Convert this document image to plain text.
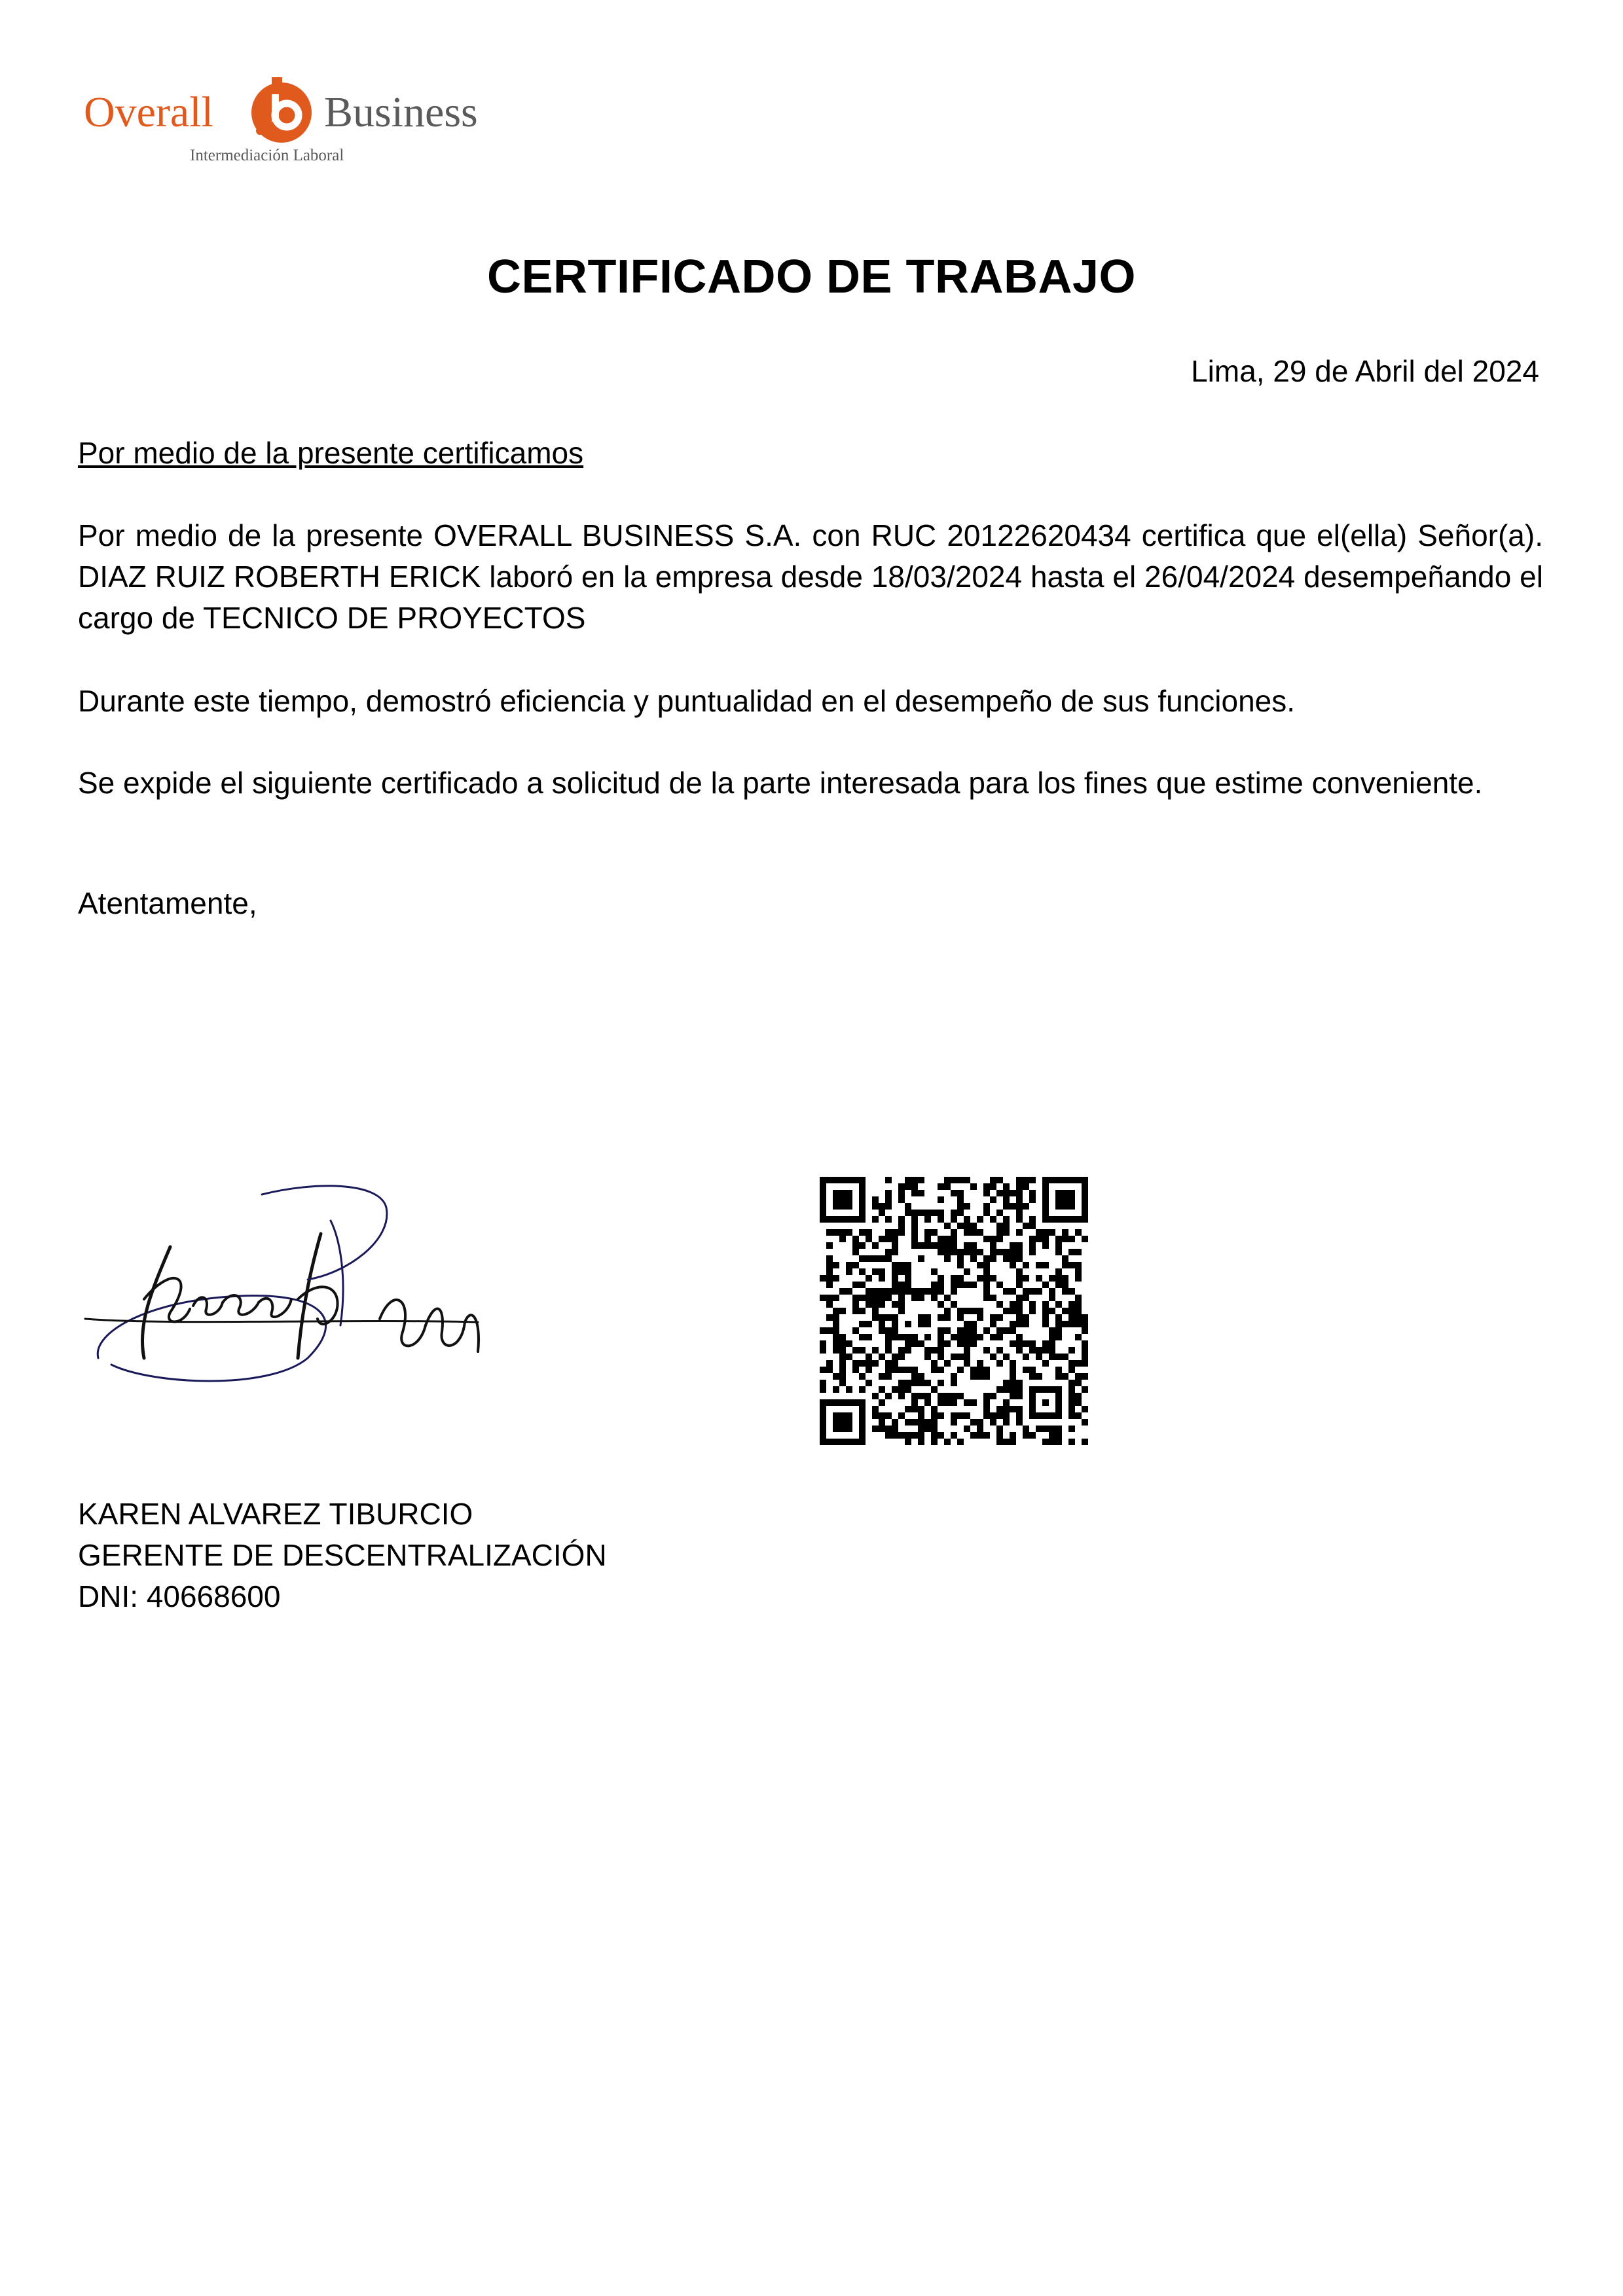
Overall	Business
Intermediación Laboral
CERTIFICADO DE TRABAJO
Lima, 29 de Abril del 2024
Por medio de la presente certificamos

Por medio de la presente OVERALL BUSINESS S.A. con RUC 20122620434 certifica que el(ella) Señor(a). DIAZ RUIZ ROBERTH ERICK laboró en la empresa desde 18/03/2024 hasta el 26/04/2024 desempeñando el cargo de TECNICO DE PROYECTOS

Durante este tiempo, demostró eficiencia y puntualidad en el desempeño de sus funciones.

Se expide el siguiente certificado a solicitud de la parte interesada para los fines que estime conveniente.

Atentamente,
KAREN ALVAREZ TIBURCIO
GERENTE DE DESCENTRALIZACIÓN
DNI: 40668600
